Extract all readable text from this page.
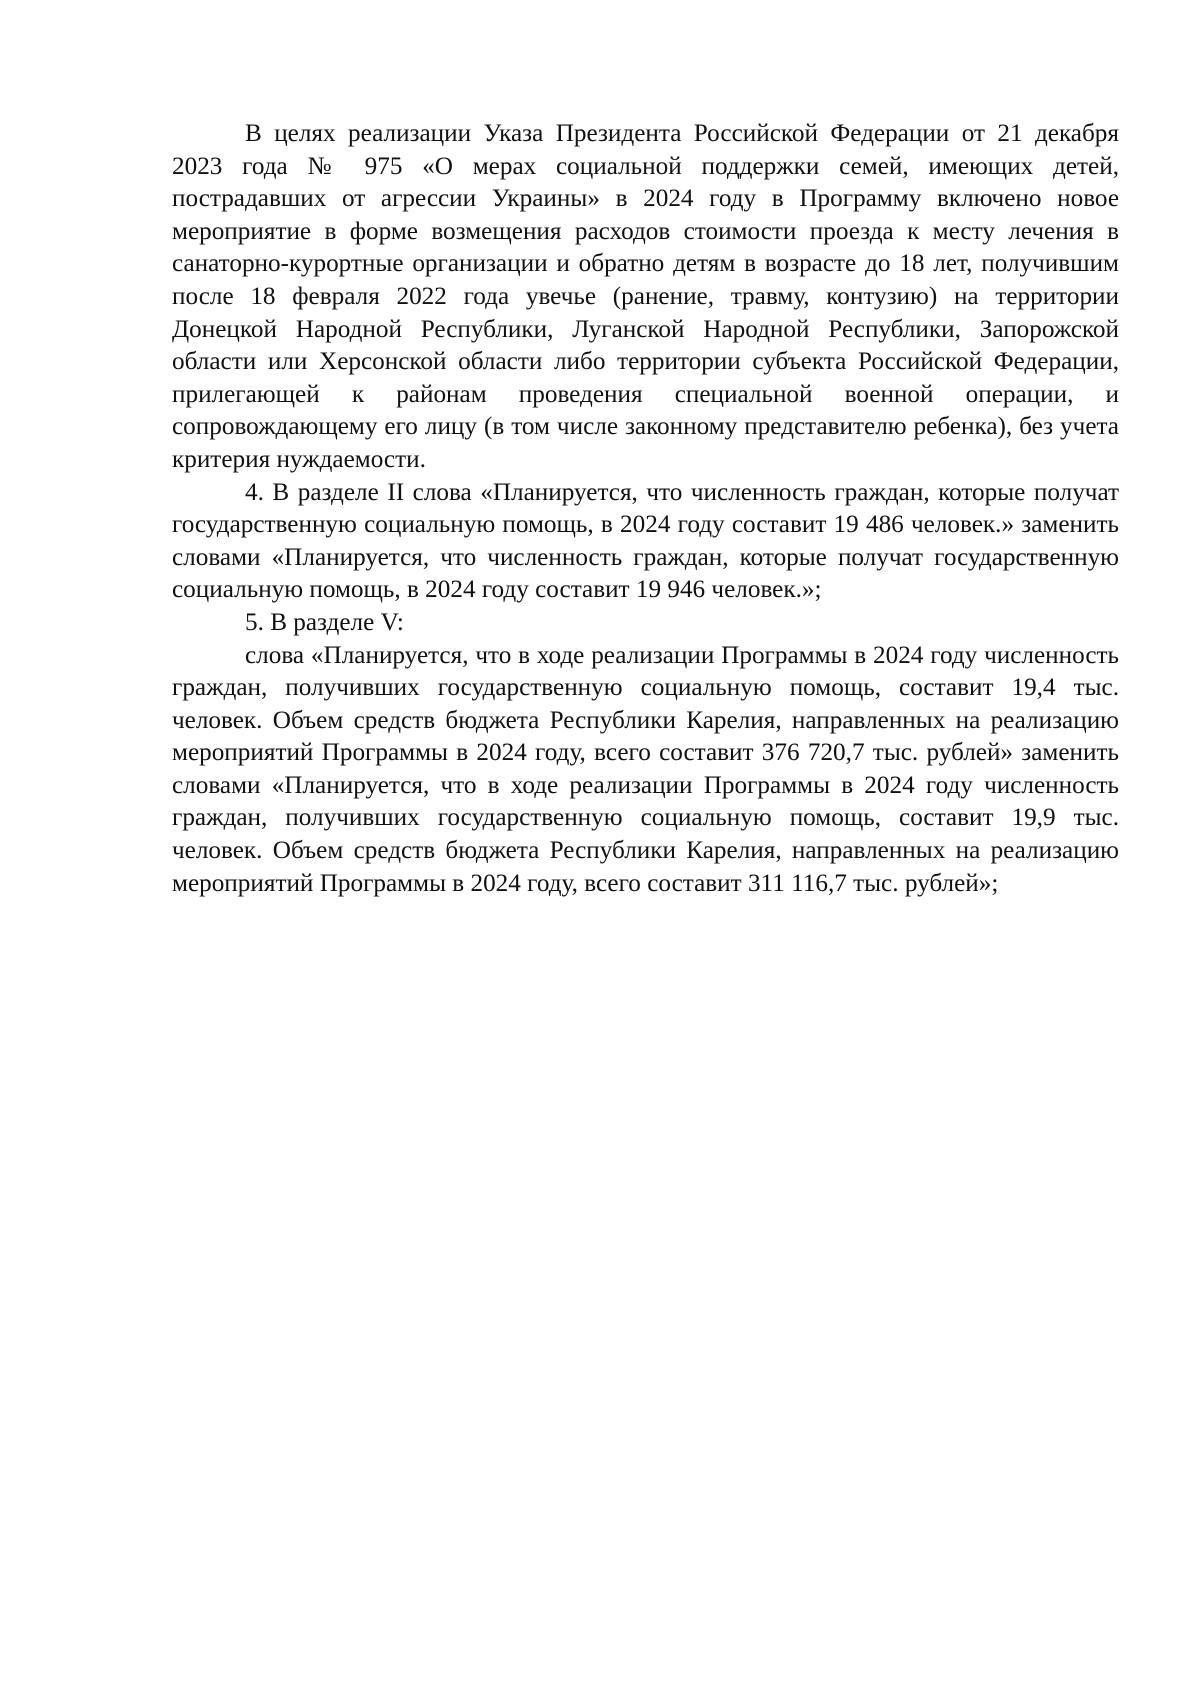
В целях реализации Указа Президента Российской Федерации от 21 декабря 2023 года № 975 «О мерах социальной поддержки семей, имеющих детей, пострадавших от агрессии Украины» в 2024 году в Программу включено новое мероприятие в форме возмещения расходов стоимости проезда к месту лечения в санаторно-курортные организации и обратно детям в возрасте до 18 лет, получившим после 18 февраля 2022 года увечье (ранение, травму, контузию) на территории Донецкой Народной Республики, Луганской Народной Республики, Запорожской области или Херсонской области либо территории субъекта Российской Федерации, прилегающей к районам проведения специальной военной операции, и сопровождающему его лицу (в том числе законному представителю ребенка), без учета критерия нуждаемости.

4. В разделе II слова «Планируется, что численность граждан, которые получат государственную социальную помощь, в 2024 году составит 19 486 человек.» заменить словами «Планируется, что численность граждан, которые получат государственную социальную помощь, в 2024 году составит 19 946 человек.»;

5. В разделе V:

слова «Планируется, что в ходе реализации Программы в 2024 году численность граждан, получивших государственную социальную помощь, составит 19,4 тыс. человек. Объем средств бюджета Республики Карелия, направленных на реализацию мероприятий Программы в 2024 году, всего составит 376 720,7 тыс. рублей» заменить словами «Планируется, что в ходе реализации Программы в 2024 году численность граждан, получивших государственную социальную помощь, составит 19,9 тыс. человек. Объем средств бюджета Республики Карелия, направленных на реализацию мероприятий Программы в 2024 году, всего составит 311 116,7 тыс. рублей»;
